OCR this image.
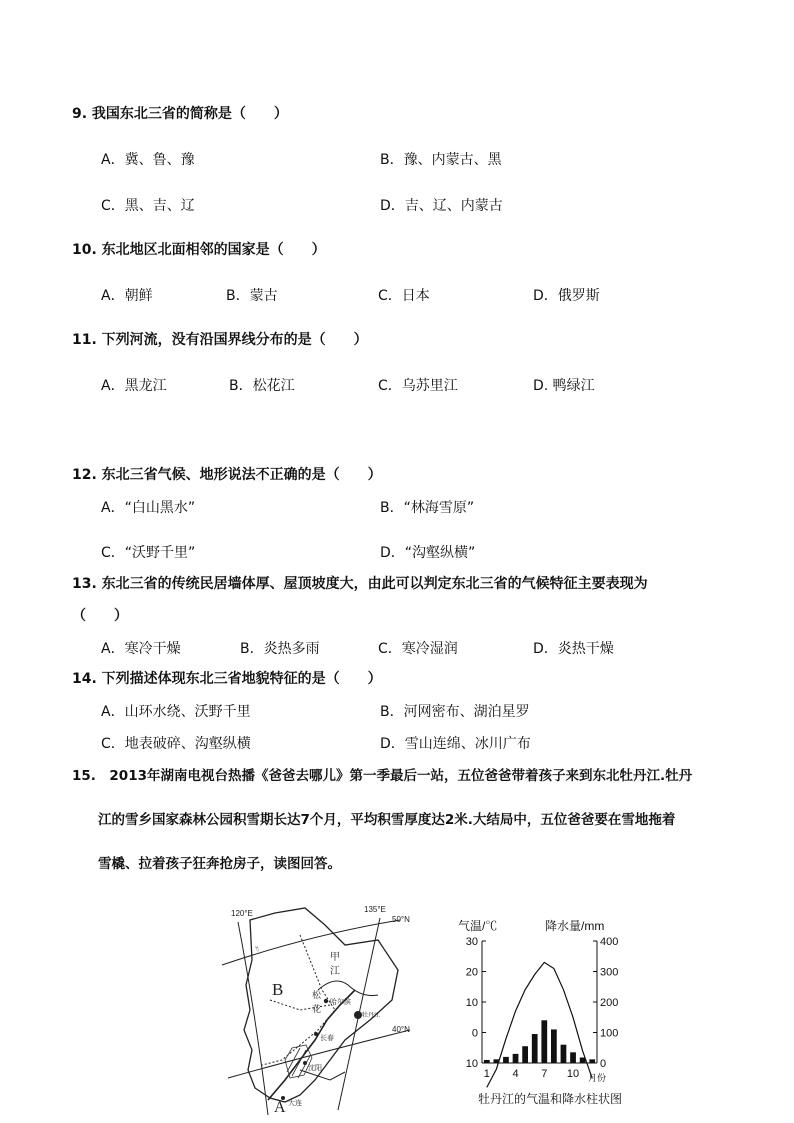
9. 我国东北三省的简称是（　　）
A．冀、鲁、豫	B．豫、内蒙古、黑
C．黑、吉、辽	D．吉、辽、内蒙古
10. 东北地区北面相邻的国家是（　　）
A．朝鲜	B．蒙古	C．日本	D．俄罗斯
11. 下列河流，没有沿国界线分布的是（　　）
A．黑龙江	B．松花江	C．乌苏里江	D. 鸭绿江
12. 东北三省气候、地形说法不正确的是（　　）
A．“白山黑水”	B．“林海雪原”
C．“沃野千里”	D．“沟壑纵横”
13. 东北三省的传统民居墙体厚、屋顶坡度大，由此可以判定东北三省的气候特征主要表现为
（　　）
A．寒冷干燥	B．炎热多雨	C．寒冷湿润	D．炎热干燥
14. 下列描述体现东北三省地貌特征的是（　　）
A．山环水绕、沃野千里	B．河网密布、湖泊星罗
C．地表破碎、沟壑纵横	D．雪山连绵、冰川广布
15.　2013年湖南电视台热播《爸爸去哪儿》第一季最后一站，五位爸爸带着孩子来到东北牡丹江.牡丹
江的雪乡国家森林公园积雪期长达7个月，平均积雪厚度达2米.大结局中，五位爸爸要在雪地拖着
雪橇、拉着孩子狂奔抢房子，读图回答。
᭟
120°E	135°E
50°N
40°N
B
A
甲
江
松
花
哈尔滨
牡丹江
长春
沈阳
大连
气温/℃	降水量/mm
牡丹江的气温和降水柱状图
月份
30
20
10
0
10
400
300
200
100
0
1 4 7 10
